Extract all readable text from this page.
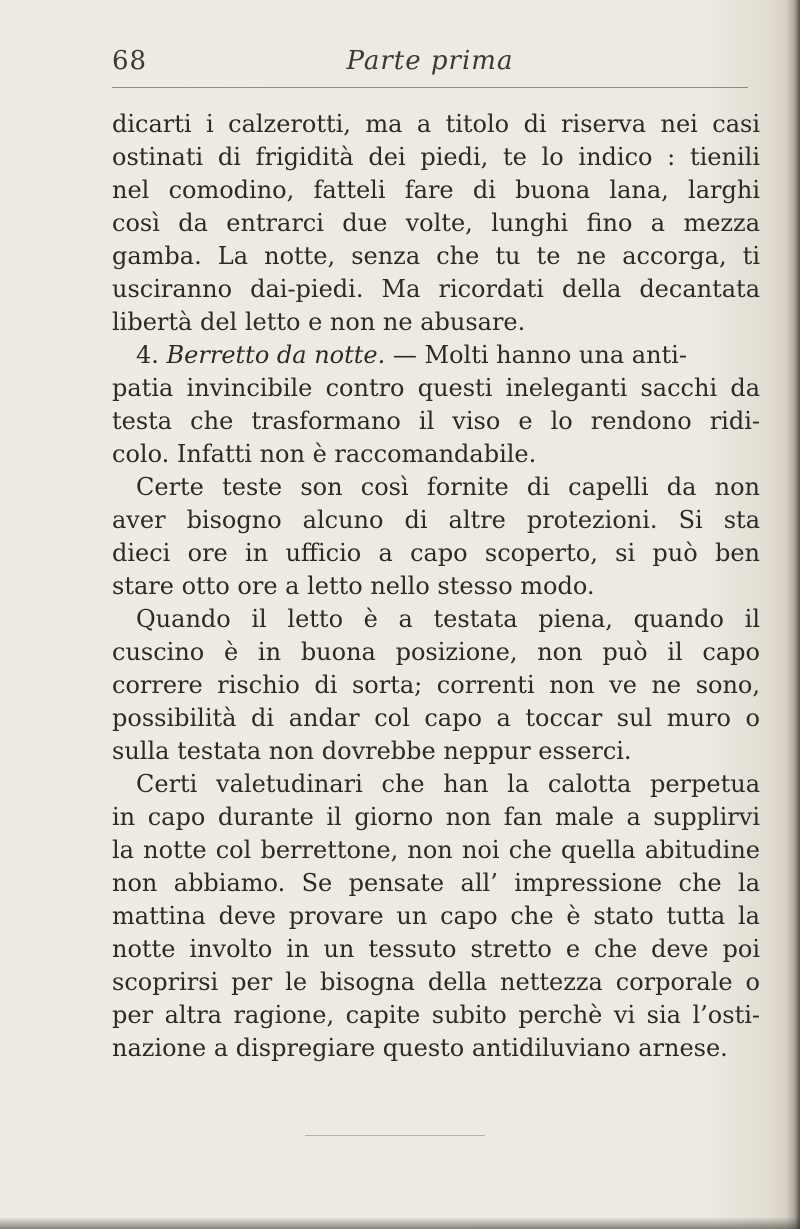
68	Parte prima
dicarti i calzerotti, ma a titolo di riserva nei casi
ostinati di frigidità dei piedi, te lo indico : tienili
nel comodino, fatteli fare di buona lana, larghi
così da entrarci due volte, lunghi fino a mezza
gamba. La notte, senza che tu te ne accorga, ti
usciranno dai-piedi. Ma ricordati della decantata
libertà del letto e non ne abusare.
4. Berretto da notte. — Molti hanno una anti-
patia invincibile contro questi ineleganti sacchi da
testa che trasformano il viso e lo rendono ridi-
colo. Infatti non è raccomandabile.
Certe teste son così fornite di capelli da non
aver bisogno alcuno di altre protezioni. Si sta
dieci ore in ufficio a capo scoperto, si può ben
stare otto ore a letto nello stesso modo.
Quando il letto è a testata piena, quando il
cuscino è in buona posizione, non può il capo
correre rischio di sorta; correnti non ve ne sono,
possibilità di andar col capo a toccar sul muro o
sulla testata non dovrebbe neppur esserci.
Certi valetudinari che han la calotta perpetua
in capo durante il giorno non fan male a supplirvi
la notte col berrettone, non noi che quella abitudine
non abbiamo. Se pensate all’ impressione che la
mattina deve provare un capo che è stato tutta la
notte involto in un tessuto stretto e che deve poi
scoprirsi per le bisogna della nettezza corporale o
per altra ragione, capite subito perchè vi sia l’osti-
nazione a dispregiare questo antidiluviano arnese.
